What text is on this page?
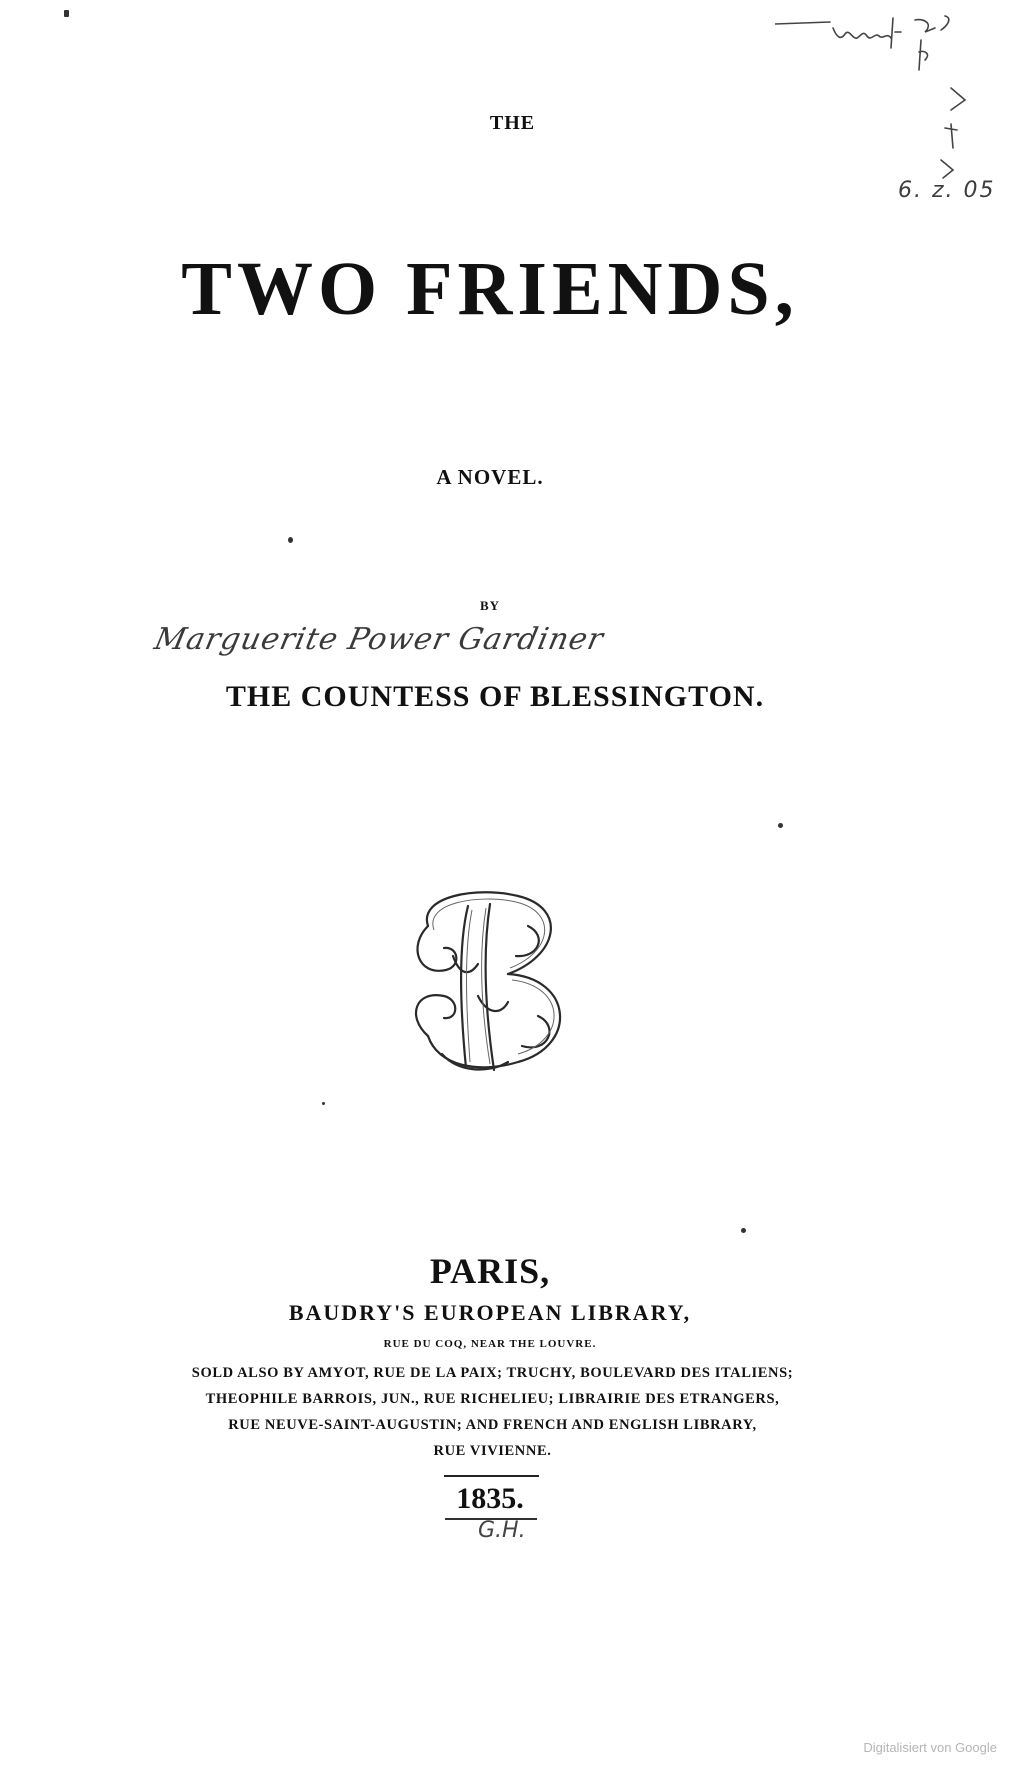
6. z. 05
THE
TWO FRIENDS,
A NOVEL.
BY
Marguerite Power Gardiner
THE COUNTESS OF BLESSINGTON.
PARIS,
BAUDRY'S EUROPEAN LIBRARY,
RUE DU COQ, NEAR THE LOUVRE.
SOLD ALSO BY AMYOT, RUE DE LA PAIX; TRUCHY, BOULEVARD DES ITALIENS;
THEOPHILE BARROIS, JUN., RUE RICHELIEU; LIBRAIRIE DES ETRANGERS,
RUE NEUVE-SAINT-AUGUSTIN; AND FRENCH AND ENGLISH LIBRARY,
RUE VIVIENNE.
1835.
G.H.
Digitalisiert von Google
